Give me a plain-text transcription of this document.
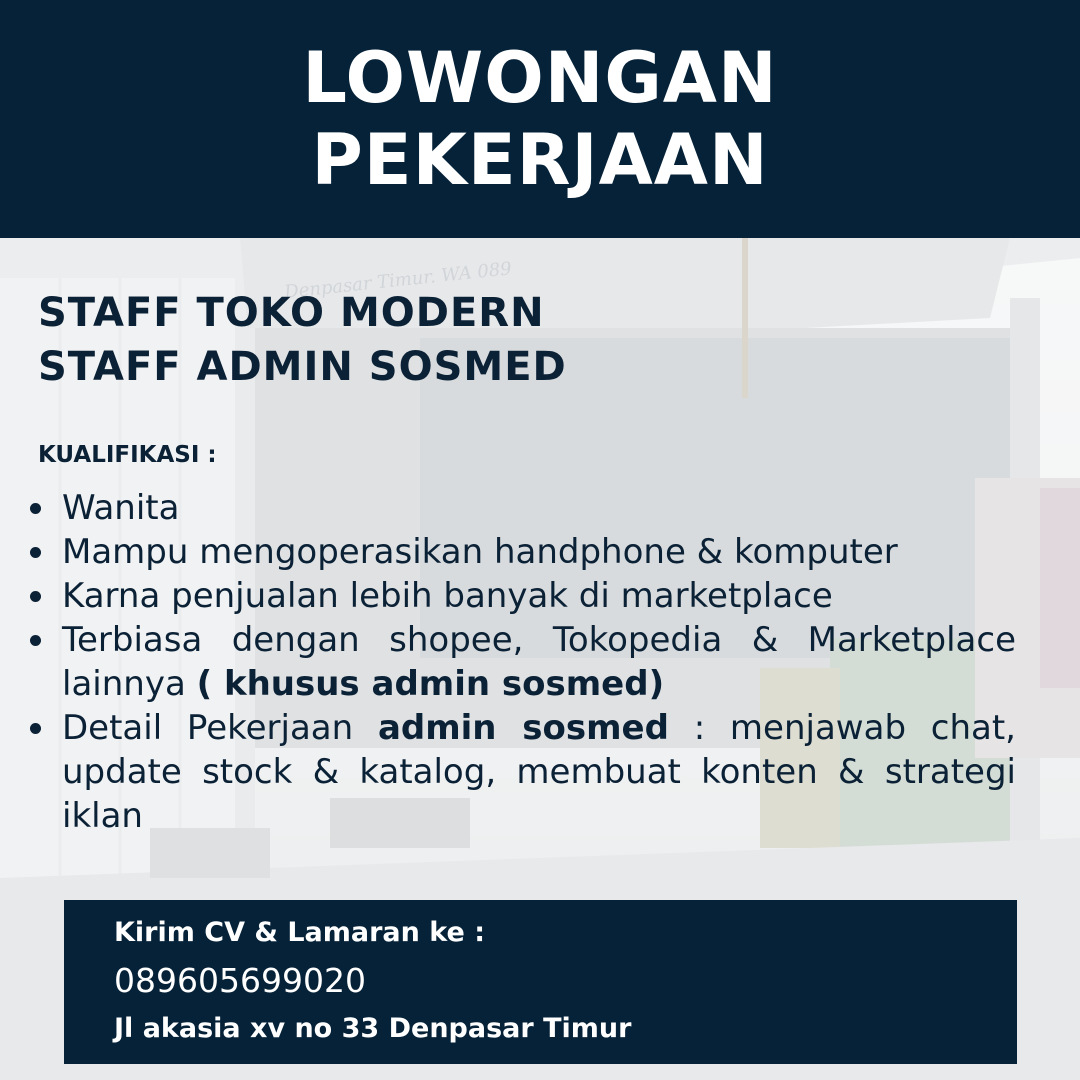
LOWONGAN
PEKERJAAN
STAFF TOKO MODERN
STAFF ADMIN SOSMED
KUALIFIKASI :
Wanita
Mampu mengoperasikan handphone & komputer
Karna penjualan lebih banyak di marketplace
Terbiasa dengan shopee, Tokopedia & Marketplace lainnya ( khusus admin sosmed)
Detail Pekerjaan admin sosmed : menjawab chat, update stock & katalog, membuat konten & strategi iklan
Kirim CV & Lamaran ke :
089605699020
Jl akasia xv no 33 Denpasar Timur
